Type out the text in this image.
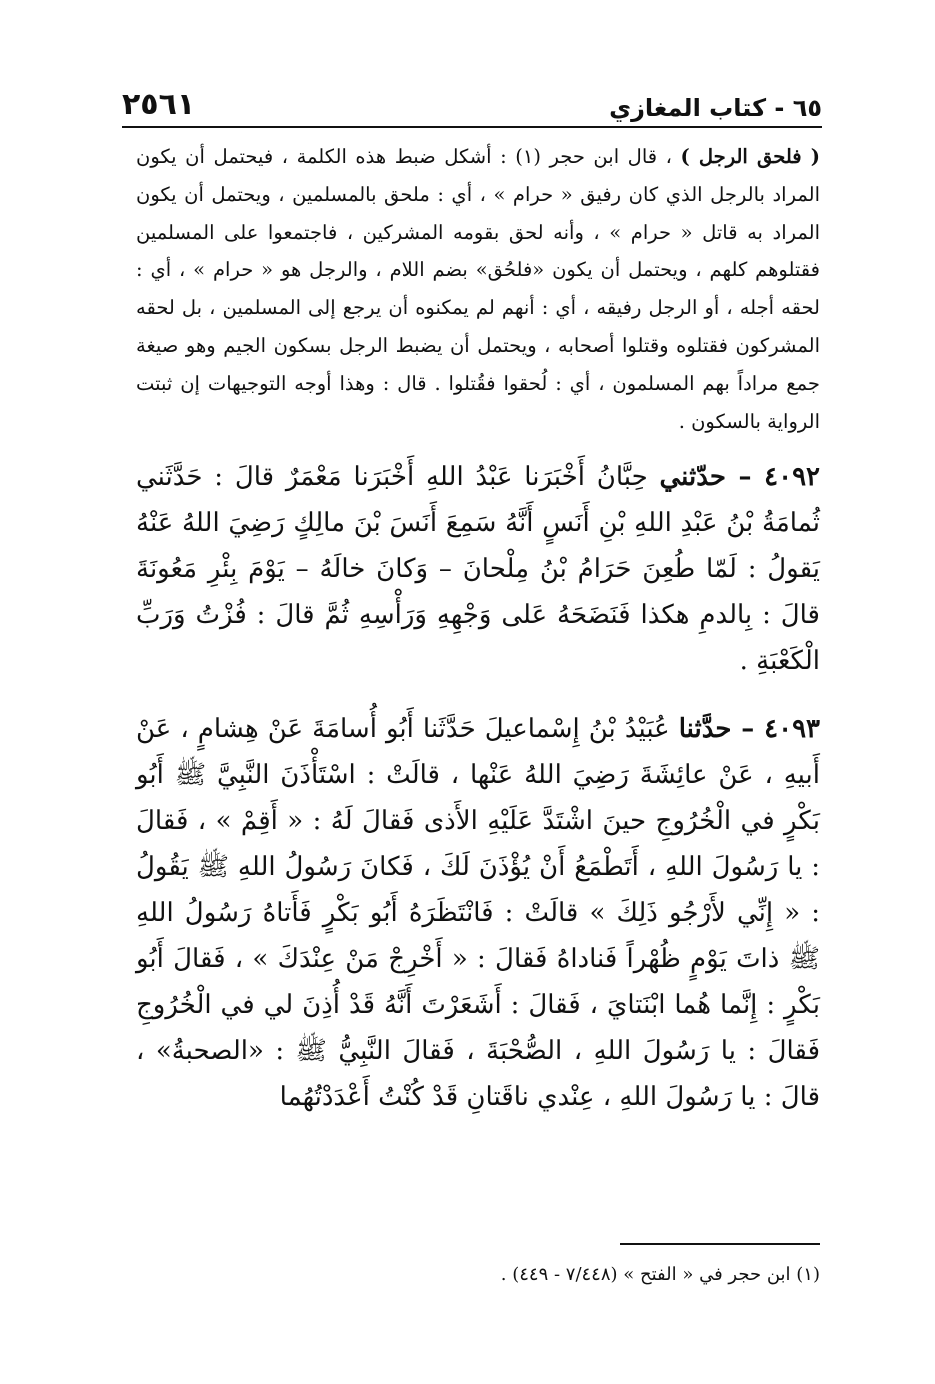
٦٥ - كتاب المغازي
٢٥٦١

( فلحق الرجل ) ، قال ابن حجر (١) : أشكل ضبط هذه الكلمة ، فيحتمل أن يكون المراد بالرجل الذي كان رفيق « حرام » ، أي : ملحق بالمسلمين ، ويحتمل أن يكون المراد به قاتل « حرام » ، وأنه لحق بقومه المشركين ، فاجتمعوا على المسلمين فقتلوهم كلهم ، ويحتمل أن يكون «فلحُق» بضم اللام ، والرجل هو « حرام » ، أي : لحقه أجله ، أو الرجل رفيقه ، أي : أنهم لم يمكنوه أن يرجع إلى المسلمين ، بل لحقه المشركون فقتلوه وقتلوا أصحابه ، ويحتمل أن يضبط الرجل بسكون الجيم وهو صيغة جمع مراداً بهم المسلمون ، أي : لُحقوا فقُتلوا . قال : وهذا أوجه التوجيهات إن ثبتت الرواية بالسكون .

٤٠٩٢ – حدّثني حِبَّانُ أَخْبَرَنا عَبْدُ اللهِ أَخْبَرَنا مَعْمَرٌ قالَ : حَدَّثَني ثُمامَةُ بْنُ عَبْدِ اللهِ بْنِ أَنَسٍ أَنَّهُ سَمِعَ أَنَسَ بْنَ مالِكٍ رَضِيَ اللهُ عَنْهُ يَقولُ : لَمّا طُعِنَ حَرَامُ بْنُ مِلْحانَ – وَكانَ خالَهُ – يَوْمَ بِئْرِ مَعُونَةَ قالَ : بِالدمِ هكذا فَنَضَحَهُ عَلى وَجْهِهِ وَرَأْسِهِ ثُمَّ قالَ : فُزْتُ وَرَبِّ الْكَعْبَةِ .

٤٠٩٣ – حدَّثنا عُبَيْدُ بْنُ إِسْماعيلَ حَدَّثَنا أَبُو أُسامَةَ عَنْ هِشامٍ ، عَنْ أَبيهِ ، عَنْ عائِشَةَ رَضِيَ اللهُ عَنْها ، قالَتْ : اسْتَأْذَنَ النَّبِيَّ ﷺ أَبُو بَكْرٍ في الْخُرُوجِ حينَ اشْتَدَّ عَلَيْهِ الأَذى فَقالَ لَهُ : « أَقِمْ » ، فَقالَ : يا رَسُولَ اللهِ ، أَتَطْمَعُ أَنْ يُؤْذَنَ لَكَ ، فَكانَ رَسُولُ اللهِ ﷺ يَقُولُ : « إِنِّي لأَرْجُو ذَلِكَ » قالَتْ : فَانْتَظَرَهُ أَبُو بَكْرٍ فَأَتاهُ رَسُولُ اللهِ ﷺ ذاتَ يَوْمٍ ظُهْراً فَناداهُ فَقالَ : « أَخْرِجْ مَنْ عِنْدَكَ » ، فَقالَ أَبُو بَكْرٍ : إِنَّما هُما ابْنَتايَ ، فَقالَ : أَشَعَرْتَ أَنَّهُ قَدْ أُذِنَ لي في الْخُرُوجِ فَقالَ : يا رَسُولَ اللهِ ، الصُّحْبَةَ ، فَقالَ النَّبِيُّ ﷺ : «الصحبةُ» ، قالَ : يا رَسُولَ اللهِ ، عِنْدي ناقَتانِ قَدْ كُنْتُ أَعْدَدْتُهُما

(١) ابن حجر في « الفتح » (٧/٤٤٨ - ٤٤٩) .
